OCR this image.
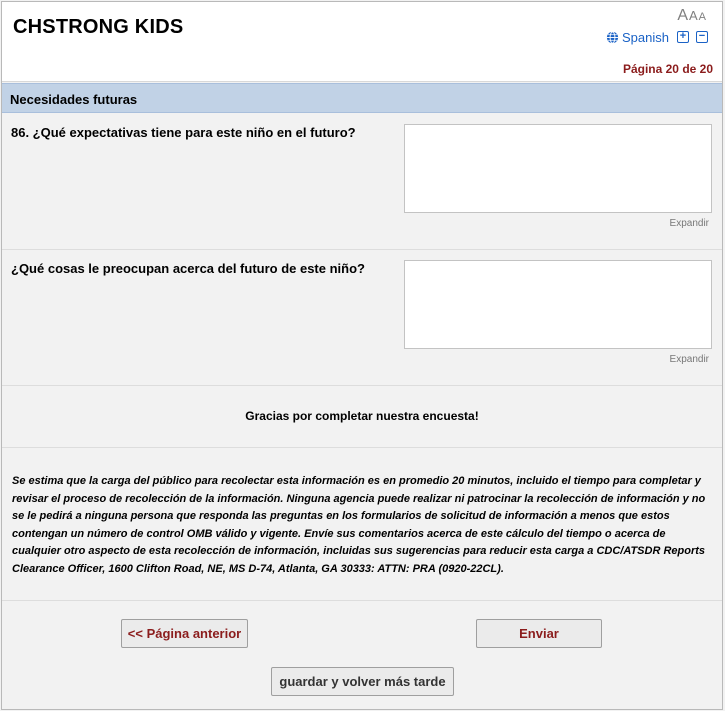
CHSTRONG KIDS
AAA
Spanish + −
Página 20 de 20
Necesidades futuras
86. ¿Qué expectativas tiene para este niño en el futuro?
Expandir
¿Qué cosas le preocupan acerca del futuro de este niño?
Expandir
Gracias por completar nuestra encuesta!
Se estima que la carga del público para recolectar esta información es en promedio 20 minutos, incluido el tiempo para completar y revisar el proceso de recolección de la información. Ninguna agencia puede realizar ni patrocinar la recolección de información y no se le pedirá a ninguna persona que responda las preguntas en los formularios de solicitud de información a menos que estos contengan un número de control OMB válido y vigente. Envíe sus comentarios acerca de este cálculo del tiempo o acerca de cualquier otro aspecto de esta recolección de información, incluidas sus sugerencias para reducir esta carga a CDC/ATSDR Reports Clearance Officer, 1600 Clifton Road, NE, MS D-74, Atlanta, GA 30333: ATTN: PRA (0920-22CL).
<< Página anterior	Enviar
guardar y volver más tarde
